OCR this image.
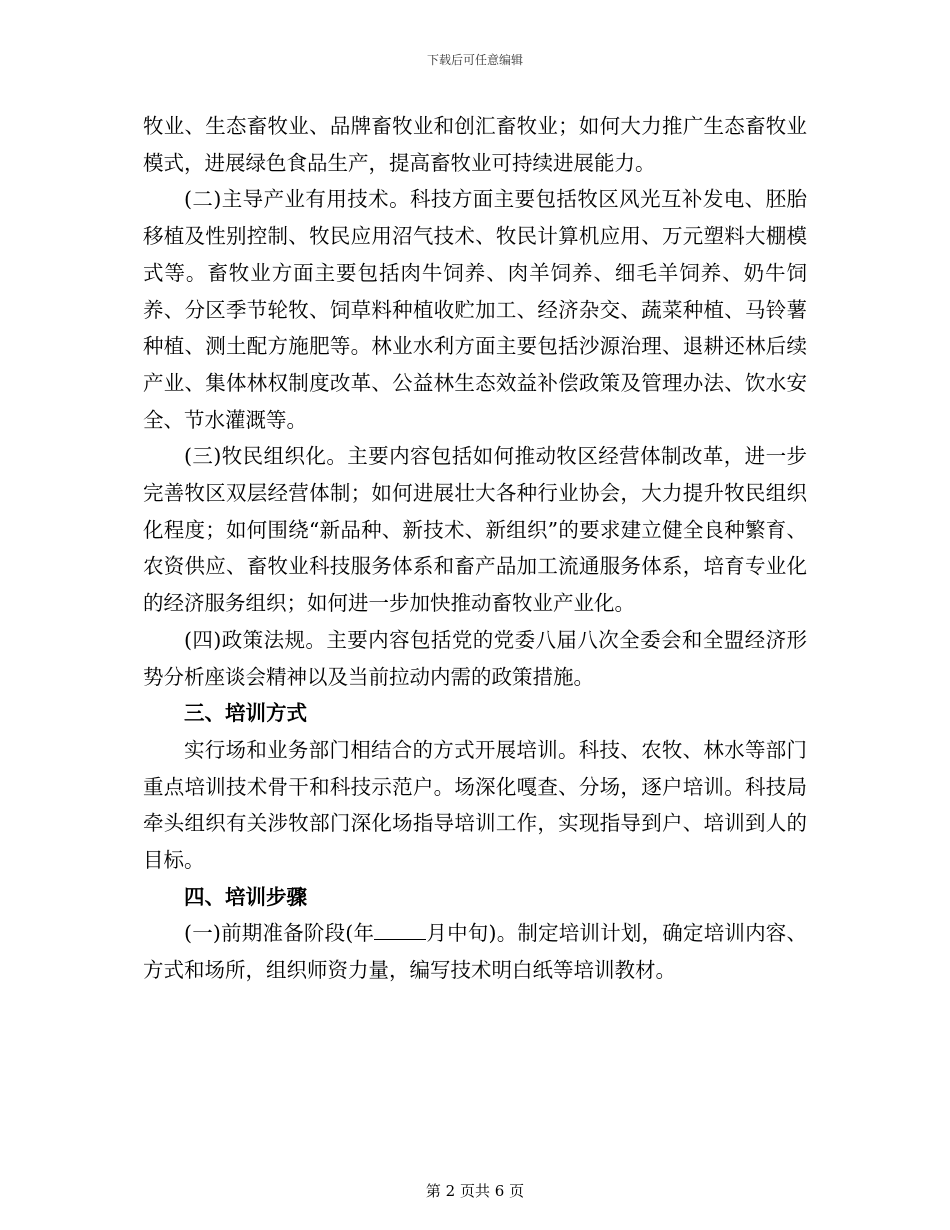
下载后可任意编辑

牧业、生态畜牧业、品牌畜牧业和创汇畜牧业；如何大力推广生态畜牧业模式，进展绿色食品生产，提高畜牧业可持续进展能力。

(二)主导产业有用技术。科技方面主要包括牧区风光互补发电、胚胎移植及性别控制、牧民应用沼气技术、牧民计算机应用、万元塑料大棚模式等。畜牧业方面主要包括肉牛饲养、肉羊饲养、细毛羊饲养、奶牛饲养、分区季节轮牧、饲草料种植收贮加工、经济杂交、蔬菜种植、马铃薯种植、测土配方施肥等。林业水利方面主要包括沙源治理、退耕还林后续产业、集体林权制度改革、公益林生态效益补偿政策及管理办法、饮水安全、节水灌溉等。

(三)牧民组织化。主要内容包括如何推动牧区经营体制改革，进一步完善牧区双层经营体制；如何进展壮大各种行业协会，大力提升牧民组织化程度；如何围绕“新品种、新技术、新组织”的要求建立健全良种繁育、农资供应、畜牧业科技服务体系和畜产品加工流通服务体系，培育专业化的经济服务组织；如何进一步加快推动畜牧业产业化。

(四)政策法规。主要内容包括党的党委八届八次全委会和全盟经济形势分析座谈会精神以及当前拉动内需的政策措施。

三、培训方式

实行场和业务部门相结合的方式开展培训。科技、农牧、林水等部门重点培训技术骨干和科技示范户。场深化嘎查、分场，逐户培训。科技局牵头组织有关涉牧部门深化场指导培训工作，实现指导到户、培训到人的目标。

四、培训步骤

(一)前期准备阶段(年	月中旬)。制定培训计划，确定培训内容、方式和场所，组织师资力量，编写技术明白纸等培训教材。

第 2 页共 6 页
